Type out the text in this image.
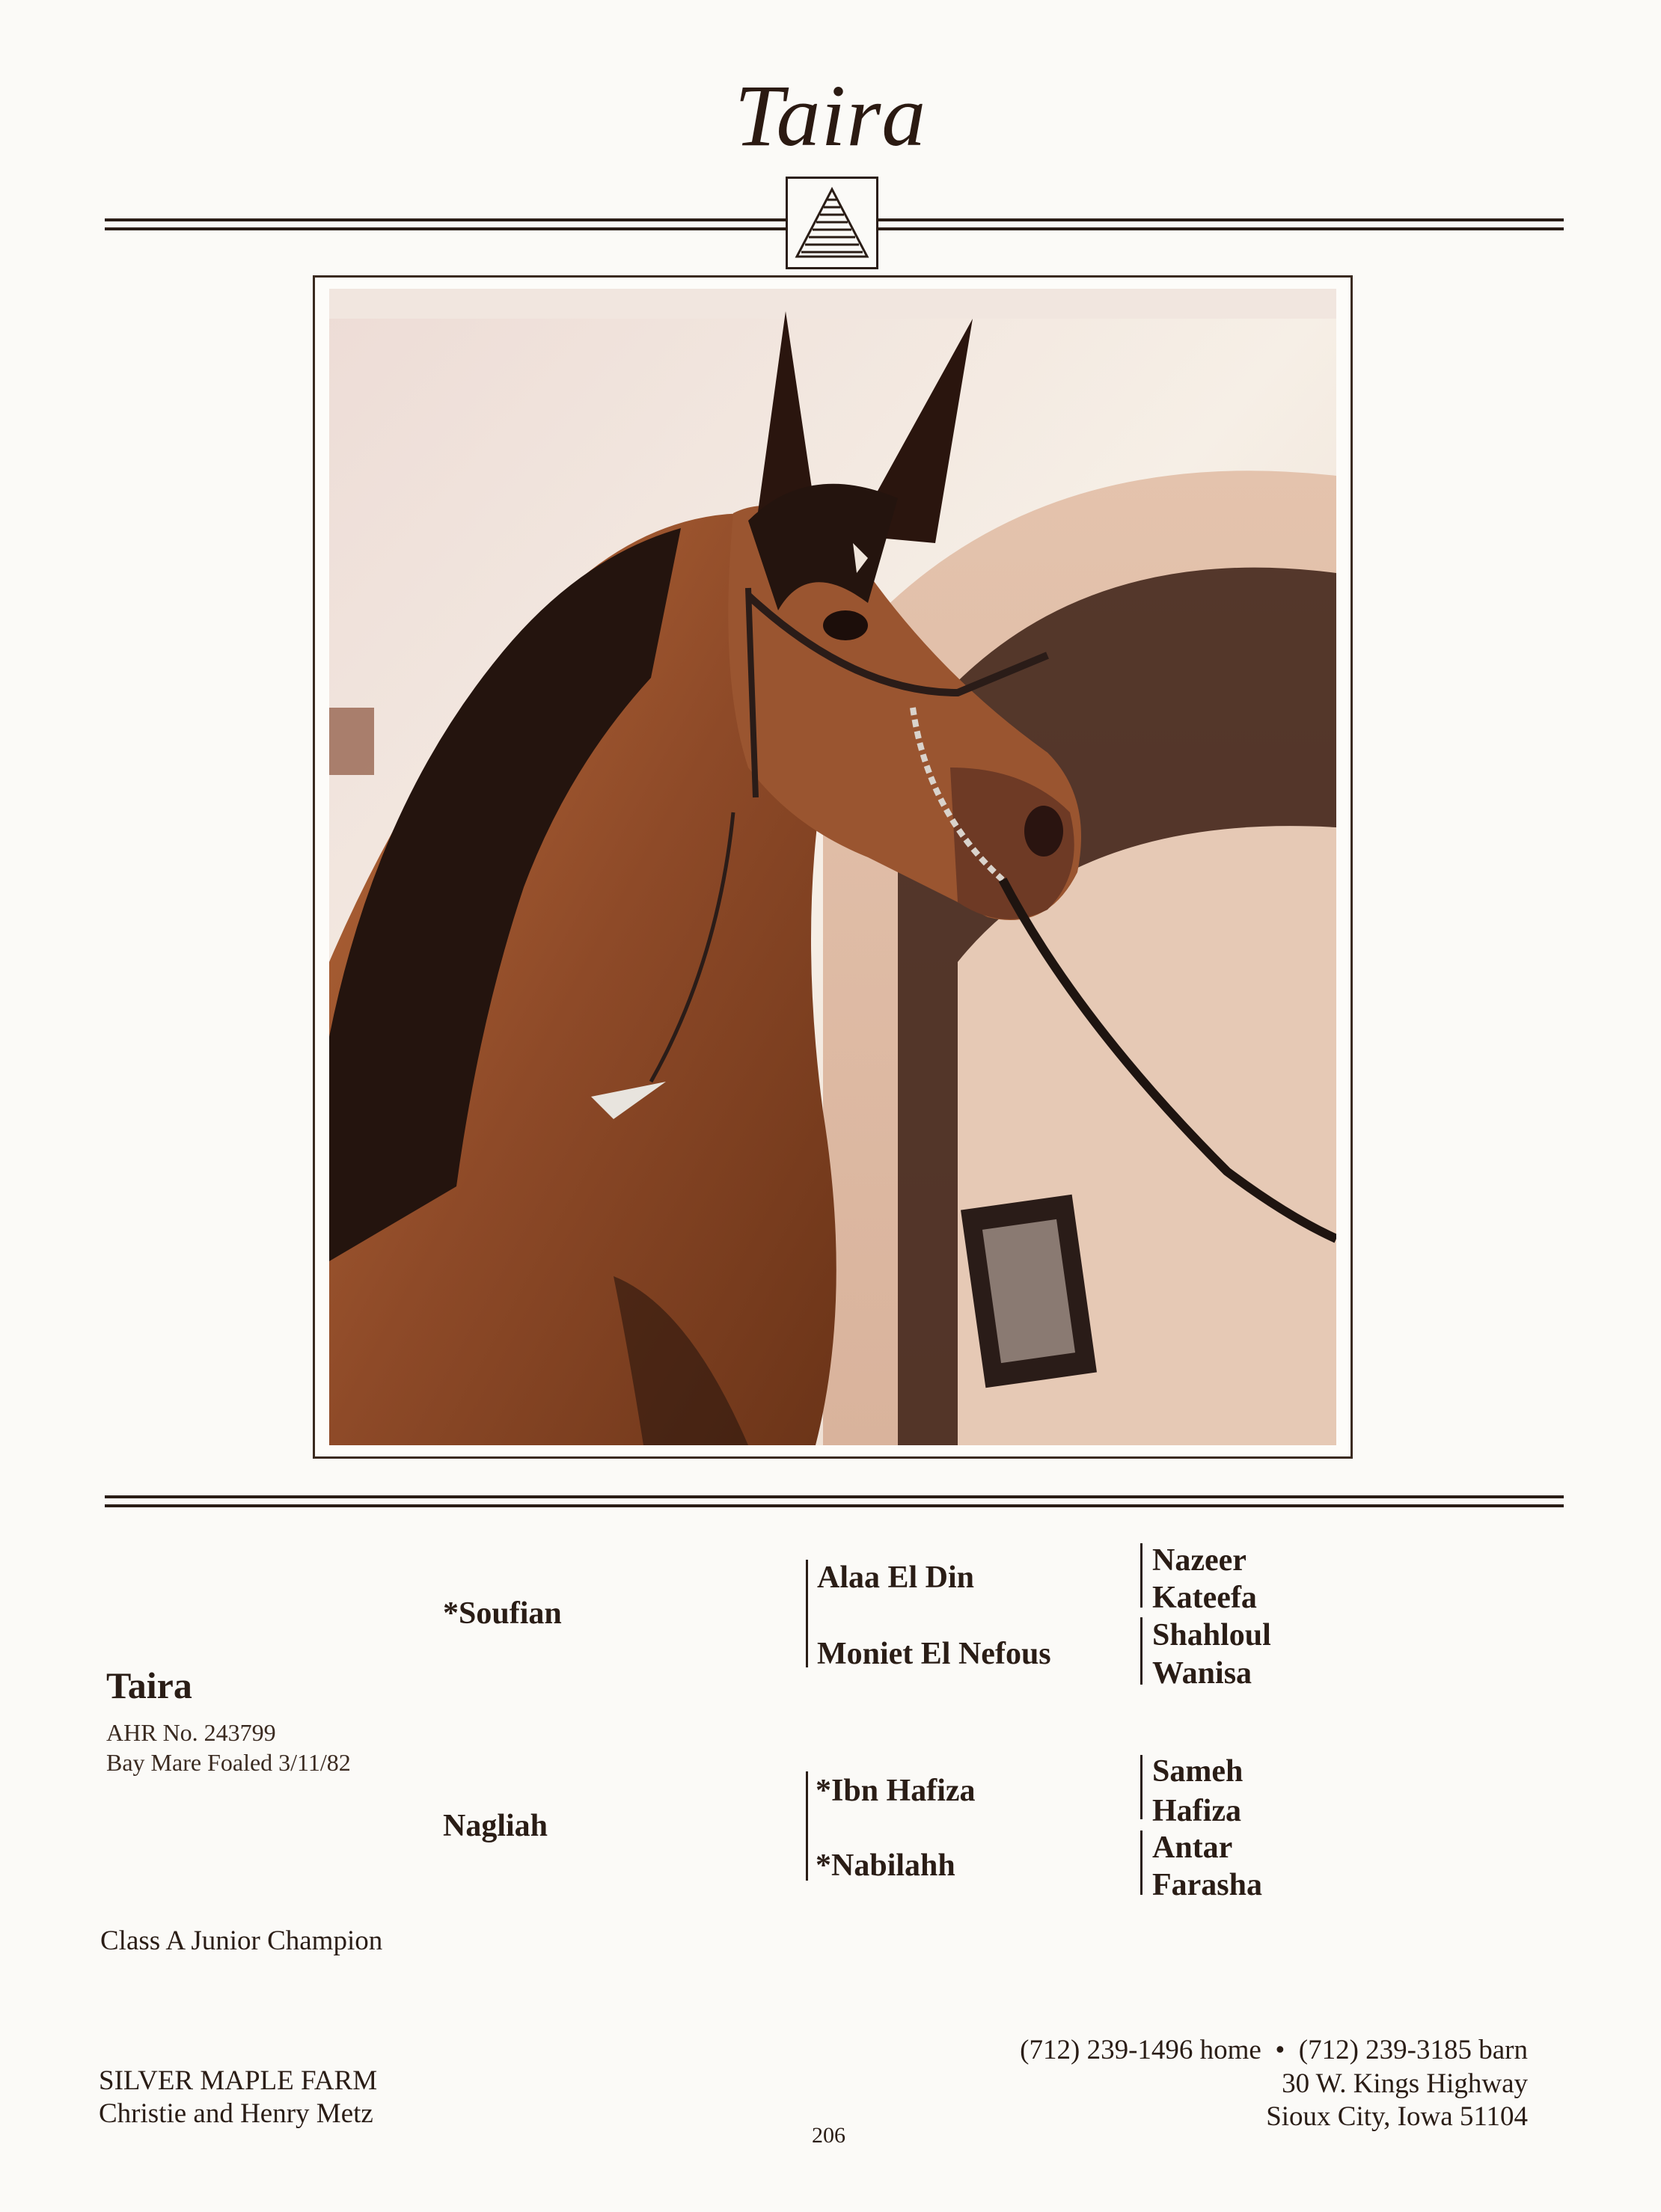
Taira
*Soufian
Nagliah
Alaa El Din
Moniet El Nefous
*Ibn Hafiza
*Nabilahh
Nazeer
Kateefa
Shahloul
Wanisa
Sameh
Hafiza
Antar
Farasha
Taira
AHR No. 243799
Bay Mare Foaled 3/11/82
Class A Junior Champion
SILVER MAPLE FARM
Christie and Henry Metz
(712) 239-1496 home  •  (712) 239-3185 barn
30 W. Kings Highway
Sioux City, Iowa 51104
206
